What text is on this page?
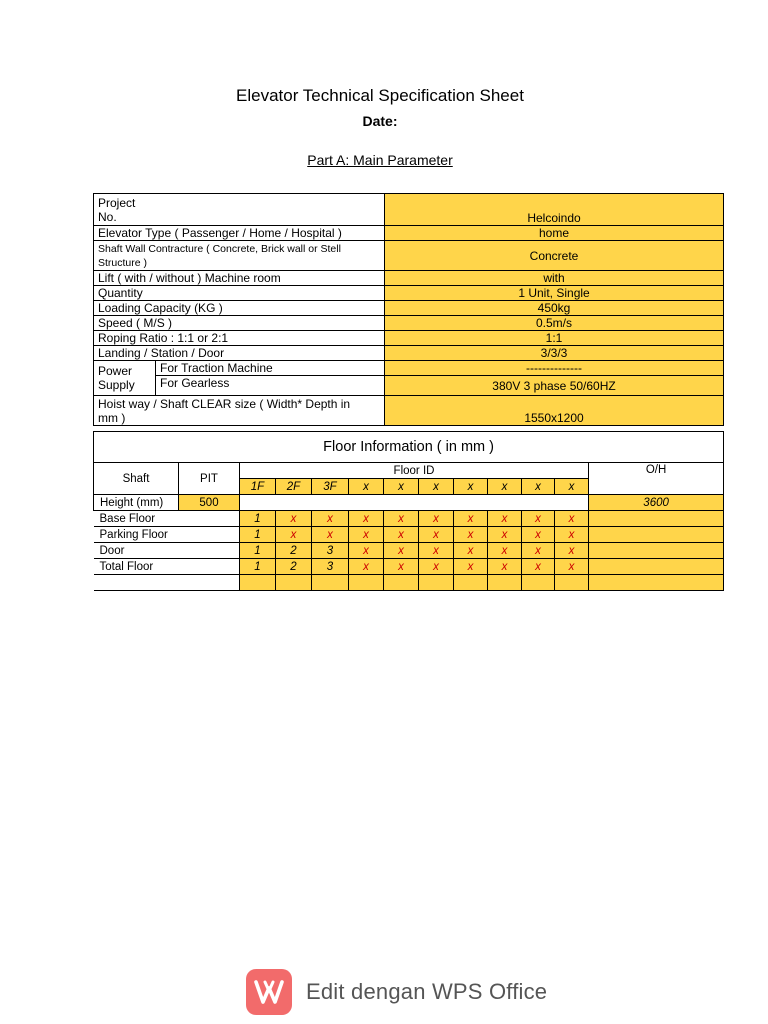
Elevator Technical Specification Sheet
Date:
Part A: Main Parameter
Project
No.		Helcoindo
Elevator Type ( Passenger / Home / Hospital )		home
Shaft Wall Contracture ( Concrete, Brick wall or Stell
Structure )		Concrete
Lift ( with / without ) Machine room		with
Quantity		1 Unit, Single
Loading Capacity (KG )		450kg
Speed ( M/S )		0.5m/s
Roping Ratio : 1:1 or 2:1		1:1
Landing / Station / Door		3/3/3
Power
Supply	For Traction Machine	--------------
	For Gearless	380V 3 phase 50/60HZ
Hoist way / Shaft CLEAR size ( Width* Depth in
mm )		1550x1200
Floor Information ( in mm )												
Shaft	PIT	Floor ID										O/H
		1F	2F	3F	x	x	x	x	x	x	x	
Height (mm)	500											3600
Base Floor		1	x	x	x	x	x	x	x	x	x	
Parking Floor		1	x	x	x	x	x	x	x	x	x	
Door		1	2	3	x	x	x	x	x	x	x	
Total Floor		1	2	3	x	x	x	x	x	x	x	

Edit dengan WPS Office
